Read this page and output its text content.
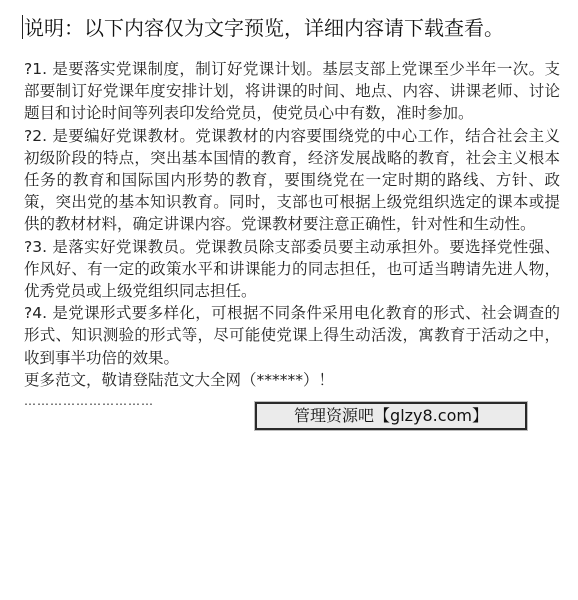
说明：以下内容仅为文字预览，详细内容请下载查看。

?1. 是要落实党课制度，制订好党课计划。基层支部上党课至少半年一次。支部要制订好党课年度安排计划，将讲课的时间、地点、内容、讲课老师、讨论题目和讨论时间等列表印发给党员，使党员心中有数，准时参加。

?2. 是要编好党课教材。党课教材的内容要围绕党的中心工作，结合社会主义初级阶段的特点，突出基本国情的教育，经济发展战略的教育，社会主义根本任务的教育和国际国内形势的教育，要围绕党在一定时期的路线、方针、政策，突出党的基本知识教育。同时，支部也可根据上级党组织选定的课本或提供的教材材料，确定讲课内容。党课教材要注意正确性，针对性和生动性。

?3. 是落实好党课教员。党课教员除支部委员要主动承担外。要选择党性强、作风好、有一定的政策水平和讲课能力的同志担任，也可适当聘请先进人物，优秀党员或上级党组织同志担任。

?4. 是党课形式要多样化，可根据不同条件采用电化教育的形式、社会调查的形式、知识测验的形式等，尽可能使党课上得生动活泼，寓教育于活动之中，收到事半功倍的效果。

更多范文，敬请登陆范文大全网（******）！

…………………………

管理资源吧【glzy8.com】
